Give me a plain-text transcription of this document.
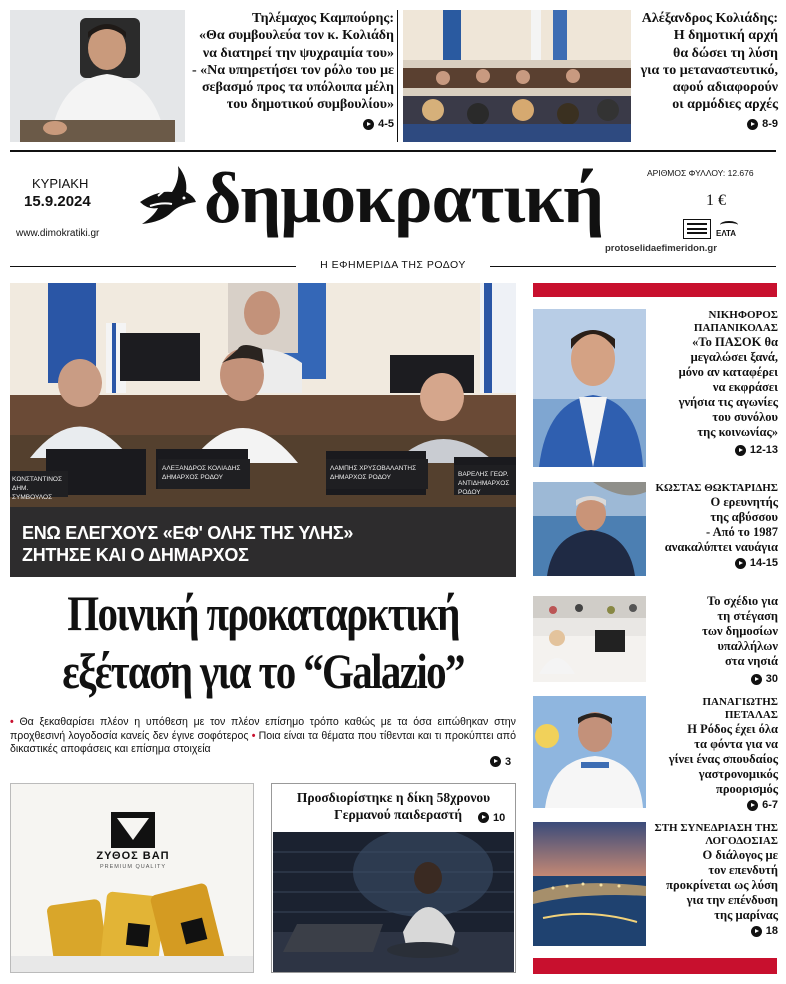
Τηλέμαχος Καμπούρης:
«Θα συμβουλεύα τον κ. Κολιάδη
να διατηρεί την ψυχραιμία του»
- «Να υπηρετήσει τον ρόλο του με
σεβασμό προς τα υπόλοιπα μέλη
του δημοτικού συμβουλίου»
4-5
Αλέξανδρος Κολιάδης:
Η δημοτική αρχή
θα δώσει τη λύση
για το μεταναστευτικό,
αφού αδιαφορούν
οι αρμόδιες αρχές
8-9
ΚΥΡΙΑΚΗ
15.9.2024
www.dimokratiki.gr δημοκρατική	ΑΡΙΘΜΟΣ ΦΥΛΛΟΥ: 12.676
1 €
ΕΛΤΑ
protoselidaefimeridon.gr
Η ΕΦΗΜΕΡΙΔΑ ΤΗΣ ΡΟΔΟΥ
ΚΩΝΣΤΑΝΤΙΝΟΣ ΔΗΜ. ΣΥΜΒΟΥΛΟΣ
ΑΛΕΞΑΝΔΡΟΣ ΚΟΛΙΑΔΗΣ ΔΗΜΑΡΧΟΣ ΡΟΔΟΥ
ΛΑΜΠΗΣ ΧΡΥΣΟΒΑΛΑΝΤΗΣ ΔΗΜΑΡΧΟΣ ΡΟΔΟΥ	ΒΑΡΕΛΗΣ ΓΕΩΡ. ΑΝΤΙΔΗΜΑΡΧΟΣ ΡΟΔΟΥ
ΕΝΩ ΕΛΕΓΧΟΥΣ «ΕΦ' ΟΛΗΣ ΤΗΣ ΥΛΗΣ»
ΖΗΤΗΣΕ ΚΑΙ Ο ΔΗΜΑΡΧΟΣ
Ποινική προκαταρκτική
εξέταση για το “Galazio”
• Θα ξεκαθαρίσει πλέον η υπόθεση με τον πλέον επίσημο τρόπο καθώς με τα όσα ειπώθηκαν στην προχθεσινή λογοδοσία κανείς δεν έγινε σοφότερος • Ποια είναι τα θέματα που τίθενται και τι προκύπτει από δικαστικές αποφάσεις και επίσημα στοιχεία
3
ΖΥΘΟΣ ΒΑΠ
PREMIUM QUALITY
Προσδιορίστηκε η δίκη 58χρονου
Γερμανού παιδεραστή	10
ΝΙΚΗΦΟΡΟΣ ΠΑΠΑΝΙΚΟΛΑΣ
«Το ΠΑΣΟΚ θα
μεγαλώσει ξανά,
μόνο αν καταφέρει
να εκφράσει
γνήσια τις αγωνίες
του συνόλου
της κοινωνίας»
12-13
ΚΩΣΤΑΣ ΘΩΚΤΑΡΙΔΗΣ
Ο ερευνητής
της αβύσσου
- Από το 1987
ανακαλύπτει ναυάγια
14-15
Το σχέδιο για
τη στέγαση
των δημοσίων
υπαλλήλων
στα νησιά
30
ΠΑΝΑΓΙΩΤΗΣ ΠΕΤΑΛΑΣ
Η Ρόδος έχει όλα
τα φόντα για να
γίνει ένας σπουδαίος
γαστρονομικός
προορισμός
6-7
ΣΤΗ ΣΥΝΕΔΡΙΑΣΗ ΤΗΣ ΛΟΓΟΔΟΣΙΑΣ
Ο διάλογος με
τον επενδυτή
προκρίνεται ως λύση
για την επένδυση
της μαρίνας
18
